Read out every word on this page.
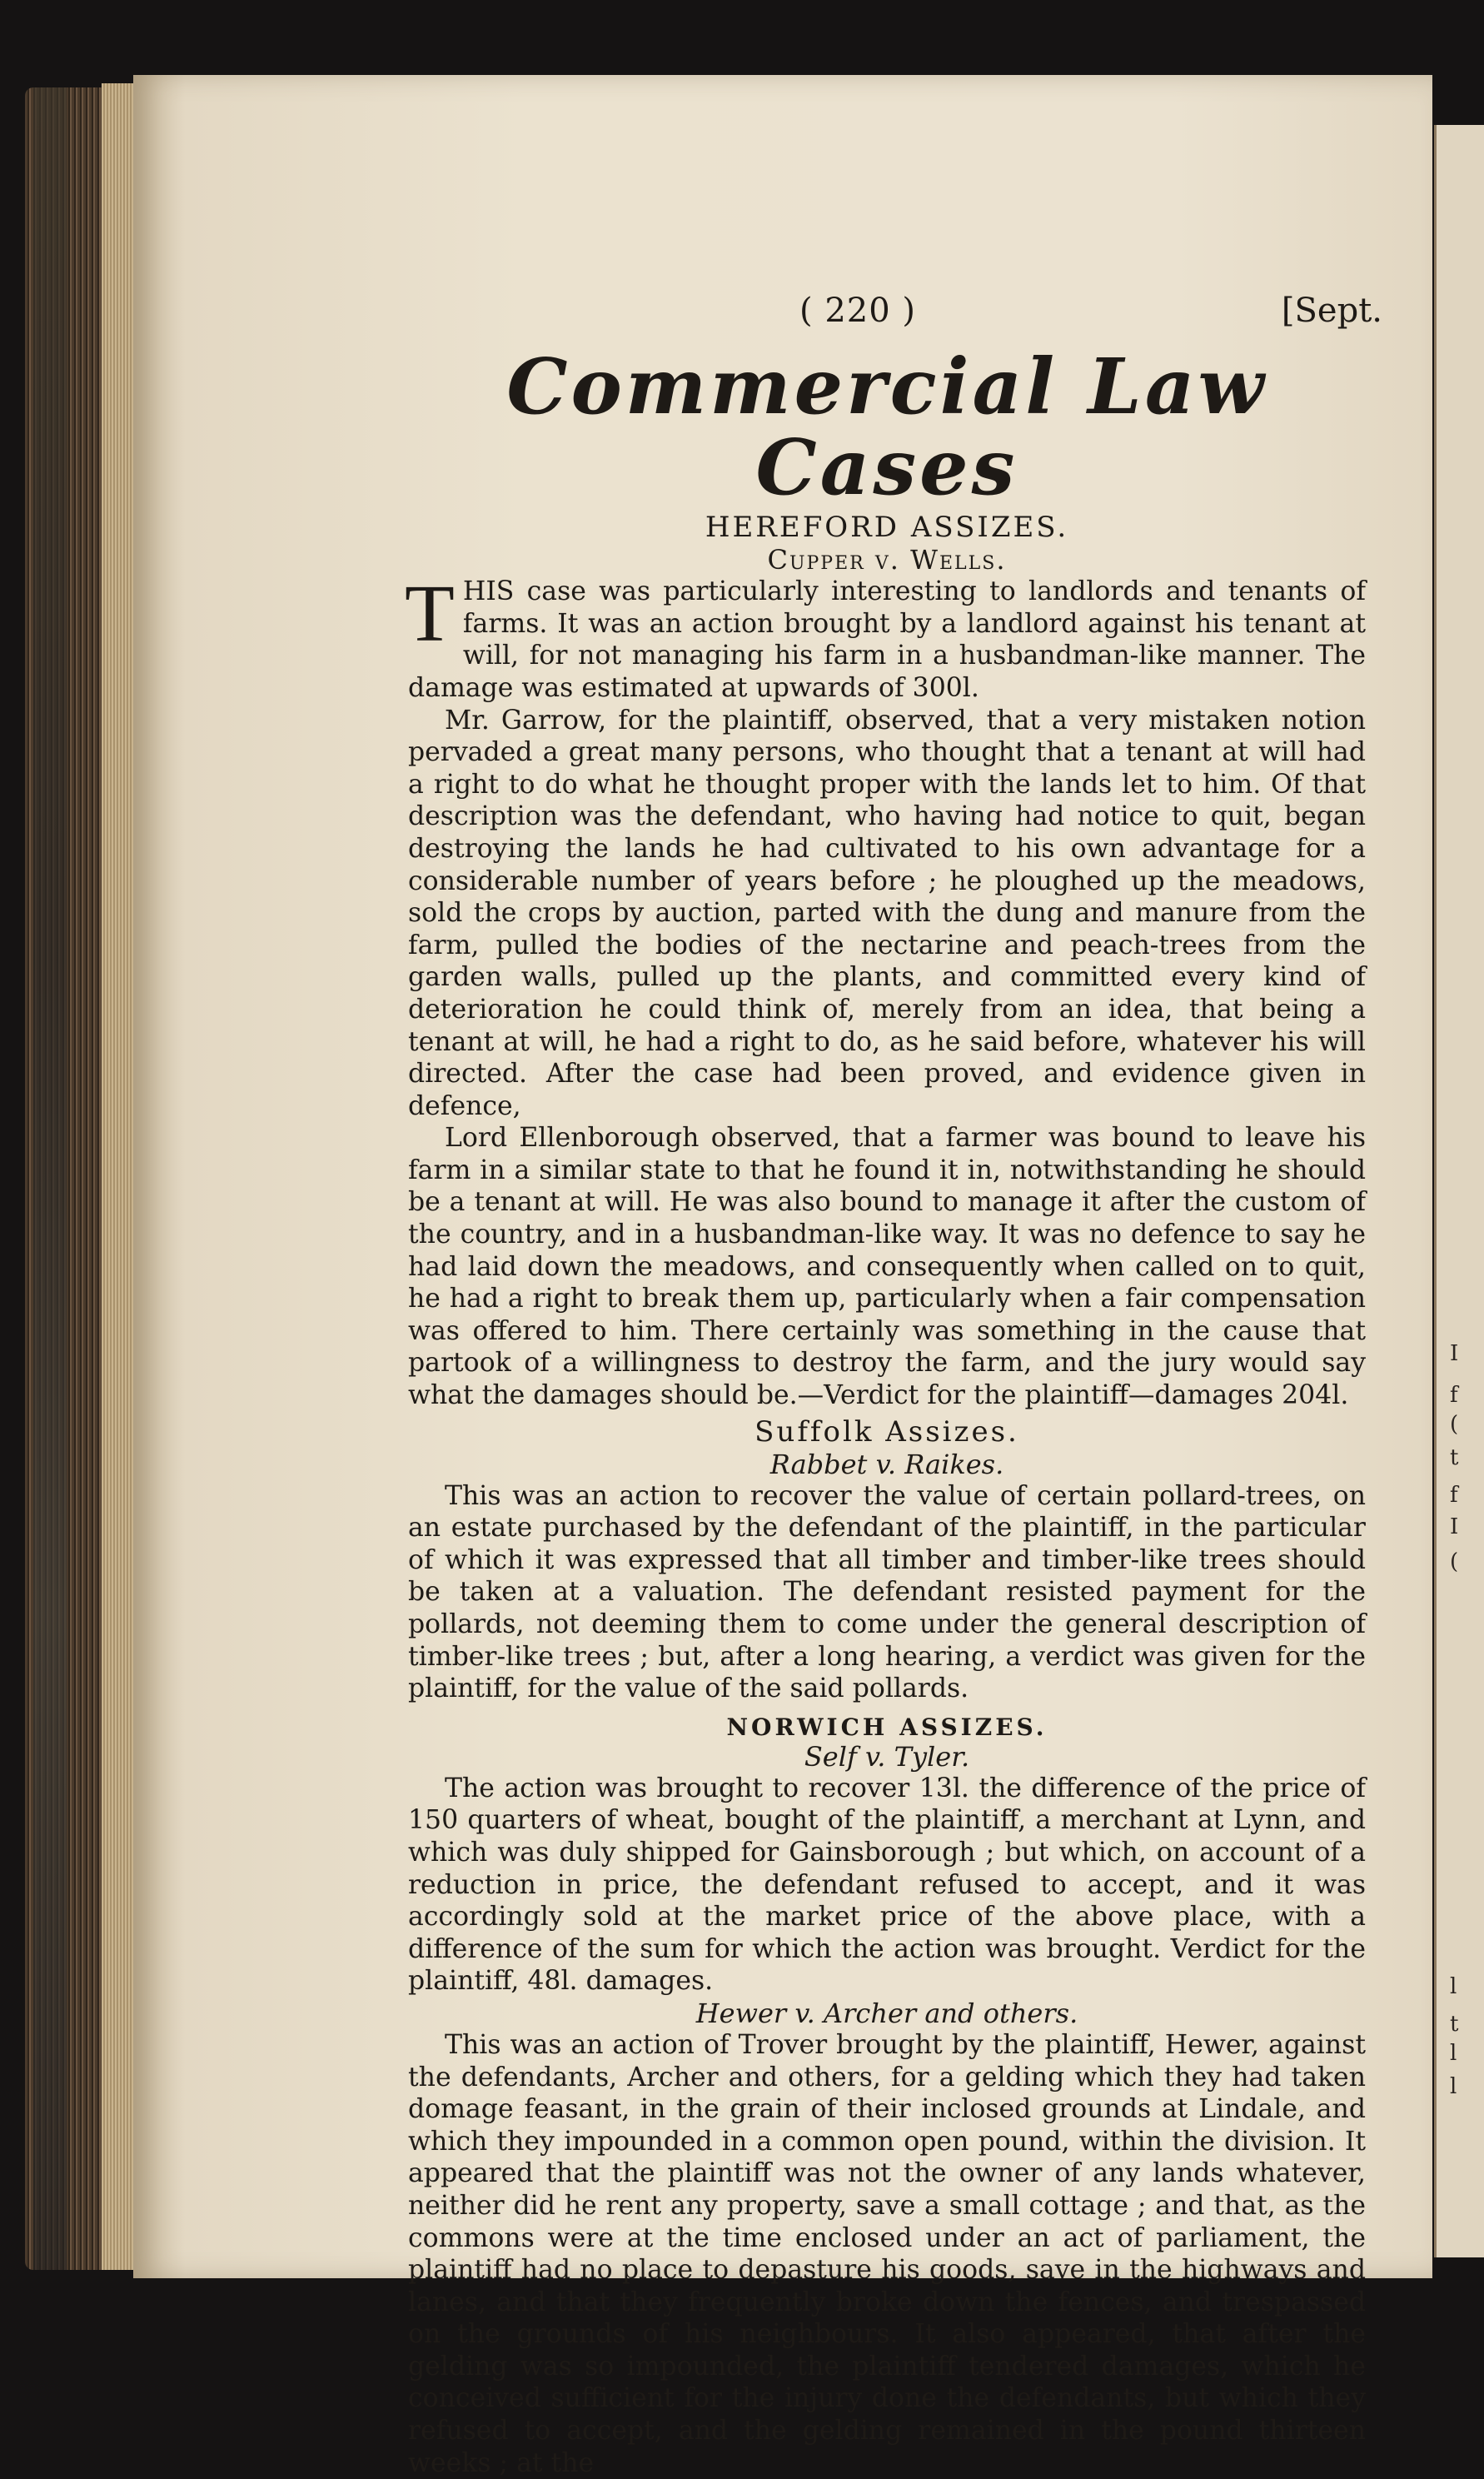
I
f
(
t
f
I
(
l
t
l
l
( 220 )	[Sept.
Commercial Law Cases
HEREFORD ASSIZES.
Cupper v. Wells.

THIS case was particularly interesting to landlords and tenants of farms. It was an action brought by a landlord against his tenant at will, for not managing his farm in a husbandman-like manner. The damage was estimated at upwards of 300l.

Mr. Garrow, for the plaintiff, observed, that a very mistaken notion pervaded a great many persons, who thought that a tenant at will had a right to do what he thought proper with the lands let to him. Of that description was the defendant, who having had notice to quit, began destroying the lands he had cultivated to his own advantage for a considerable number of years before ; he ploughed up the meadows, sold the crops by auction, parted with the dung and manure from the farm, pulled the bodies of the nectarine and peach-trees from the garden walls, pulled up the plants, and committed every kind of deterioration he could think of, merely from an idea, that being a tenant at will, he had a right to do, as he said before, whatever his will directed. After the case had been proved, and evidence given in defence,

Lord Ellenborough observed, that a farmer was bound to leave his farm in a similar state to that he found it in, notwithstanding he should be a tenant at will. He was also bound to manage it after the custom of the country, and in a husbandman-like way. It was no defence to say he had laid down the meadows, and consequently when called on to quit, he had a right to break them up, particularly when a fair compensation was offered to him. There certainly was something in the cause that partook of a willingness to destroy the farm, and the jury would say what the damages should be.—Verdict for the plaintiff—damages 204l.

Suffolk Assizes.
Rabbet v. Raikes.

This was an action to recover the value of certain pollard-trees, on an estate purchased by the defendant of the plaintiff, in the particular of which it was expressed that all timber and timber-like trees should be taken at a valuation. The defendant resisted payment for the pollards, not deeming them to come under the general description of timber-like trees ; but, after a long hearing, a verdict was given for the plaintiff, for the value of the said pollards.

NORWICH ASSIZES.
Self v. Tyler.

The action was brought to recover 13l. the difference of the price of 150 quarters of wheat, bought of the plaintiff, a merchant at Lynn, and which was duly shipped for Gainsborough ; but which, on account of a reduction in price, the defendant refused to accept, and it was accordingly sold at the market price of the above place, with a difference of the sum for which the action was brought. Verdict for the plaintiff, 48l. damages.

Hewer v. Archer and others.

This was an action of Trover brought by the plaintiff, Hewer, against the defendants, Archer and others, for a gelding which they had taken domage feasant, in the grain of their inclosed grounds at Lindale, and which they impounded in a common open pound, within the division. It appeared that the plaintiff was not the owner of any lands whatever, neither did he rent any property, save a small cottage ; and that, as the commons were at the time enclosed under an act of parliament, the plaintiff had no place to depasture his goods, save in the highways and lanes, and that they frequently broke down the fences, and trespassed on the grounds of his neighbours. It also appeared, that after the gelding was so impounded, the plaintiff tendered damages, which he conceived sufficient for the injury done the defendants, but which they refused to accept, and the gelding remained in the pound thirteen weeks ; at the
